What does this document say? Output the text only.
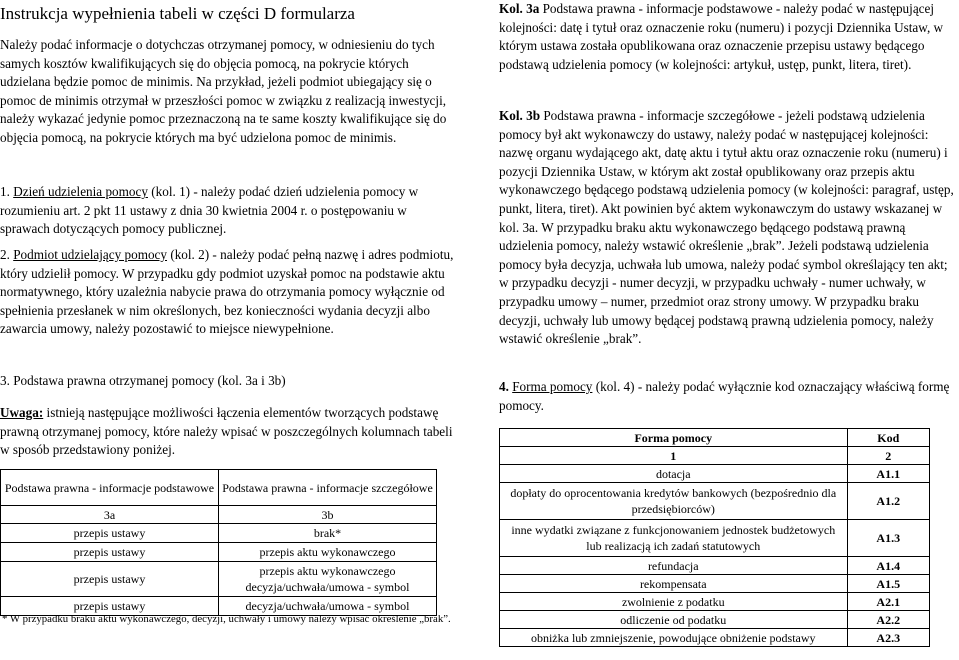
Instrukcja wypełnienia tabeli w części D formularza

Należy podać informacje o dotychczas otrzymanej pomocy, w odniesieniu do tych samych kosztów kwalifikujących się do objęcia pomocą, na pokrycie których udzielana będzie pomoc de minimis. Na przykład, jeżeli podmiot ubiegający się o pomoc de minimis otrzymał w przeszłości pomoc w związku z realizacją inwestycji, należy wykazać jedynie pomoc przeznaczoną na te same koszty kwalifikujące się do objęcia pomocą, na pokrycie których ma być udzielona pomoc de minimis.

1. Dzień udzielenia pomocy (kol. 1) - należy podać dzień udzielenia pomocy w rozumieniu art. 2 pkt 11 ustawy z dnia 30 kwietnia 2004 r. o postępowaniu w sprawach dotyczących pomocy publicznej.

2. Podmiot udzielający pomocy (kol. 2) - należy podać pełną nazwę i adres podmiotu, który udzielił pomocy. W przypadku gdy podmiot uzyskał pomoc na podstawie aktu normatywnego, który uzależnia nabycie prawa do otrzymania pomocy wyłącznie od spełnienia przesłanek w nim określonych, bez konieczności wydania decyzji albo zawarcia umowy, należy pozostawić to miejsce niewypełnione.

3. Podstawa prawna otrzymanej pomocy (kol. 3a i 3b)

Uwaga: istnieją następujące możliwości łączenia elementów tworzących podstawę prawną otrzymanej pomocy, które należy wpisać w poszczególnych kolumnach tabeli w sposób przedstawiony poniżej.

Podstawa prawna - informacje podstawowe	Podstawa prawna - informacje szczegółowe
3a	3b
przepis ustawy	brak*
przepis ustawy	przepis aktu wykonawczego
przepis ustawy	przepis aktu wykonawczego decyzja/uchwała/umowa - symbol
przepis ustawy	decyzja/uchwała/umowa - symbol

* W przypadku braku aktu wykonawczego, decyzji, uchwały i umowy należy wpisać określenie „brak”.

Kol. 3a Podstawa prawna - informacje podstawowe - należy podać w następującej kolejności: datę i tytuł oraz oznaczenie roku (numeru) i pozycji Dziennika Ustaw, w którym ustawa została opublikowana oraz oznaczenie przepisu ustawy będącego podstawą udzielenia pomocy (w kolejności: artykuł, ustęp, punkt, litera, tiret).

Kol. 3b Podstawa prawna - informacje szczegółowe - jeżeli podstawą udzielenia pomocy był akt wykonawczy do ustawy, należy podać w następującej kolejności: nazwę organu wydającego akt, datę aktu i tytuł aktu oraz oznaczenie roku (numeru) i pozycji Dziennika Ustaw, w którym akt został opublikowany oraz przepis aktu wykonawczego będącego podstawą udzielenia pomocy (w kolejności: paragraf, ustęp, punkt, litera, tiret). Akt powinien być aktem wykonawczym do ustawy wskazanej w kol. 3a. W przypadku braku aktu wykonawczego będącego podstawą prawną udzielenia pomocy, należy wstawić określenie „brak”. Jeżeli podstawą udzielenia pomocy była decyzja, uchwała lub umowa, należy podać symbol określający ten akt; w przypadku decyzji - numer decyzji, w przypadku uchwały - numer uchwały, w przypadku umowy – numer, przedmiot oraz strony umowy. W przypadku braku decyzji, uchwały lub umowy będącej podstawą prawną udzielenia pomocy, należy wstawić określenie „brak”.

4. Forma pomocy (kol. 4) - należy podać wyłącznie kod oznaczający właściwą formę pomocy.

Forma pomocy	Kod
1	2
dotacja	A1.1
dopłaty do oprocentowania kredytów bankowych (bezpośrednio dla przedsiębiorców)	A1.2
inne wydatki związane z funkcjonowaniem jednostek budżetowych lub realizacją ich zadań statutowych	A1.3
refundacja	A1.4
rekompensata	A1.5
zwolnienie z podatku	A2.1
odliczenie od podatku	A2.2
obniżka lub zmniejszenie, powodujące obniżenie podstawy	A2.3
